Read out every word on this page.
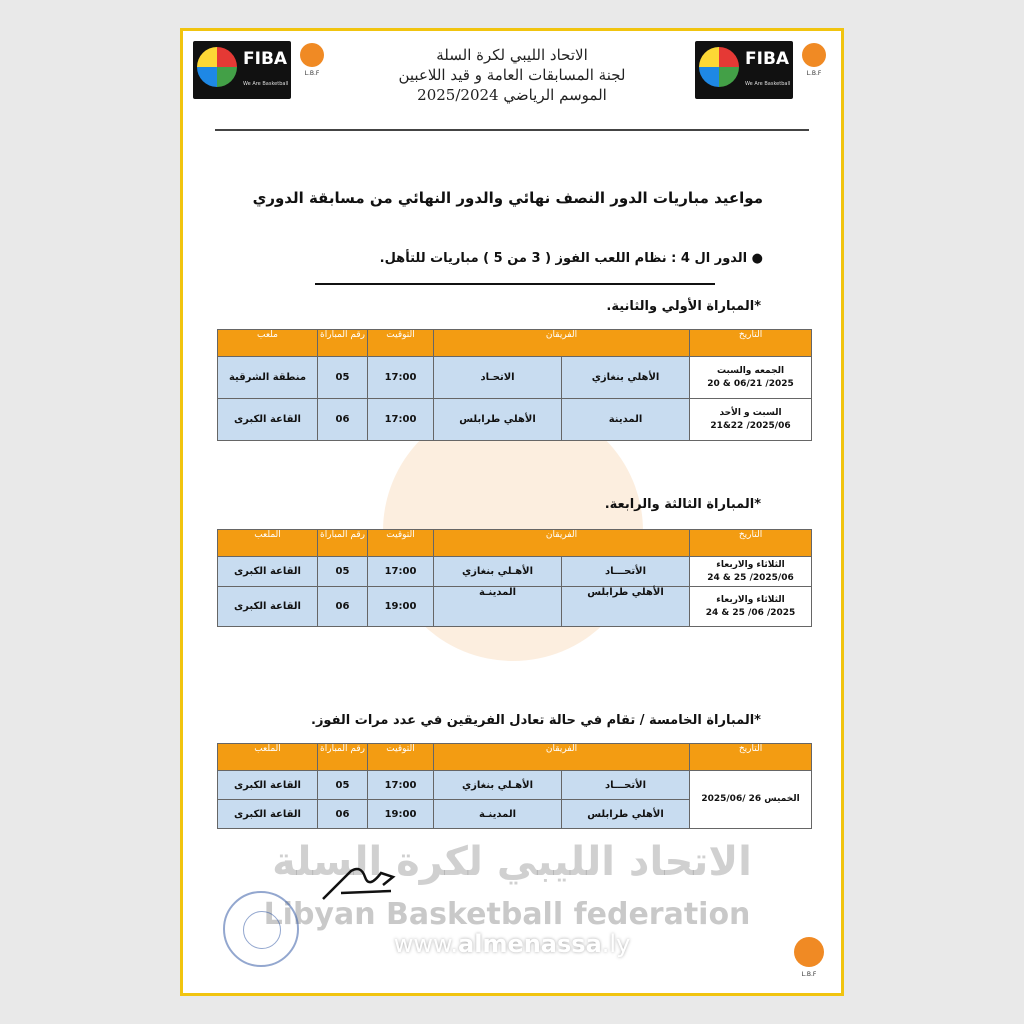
FIBA
We Are Basketball
L.B.F
FIBA
We Are Basketball
L.B.F
الاتحاد الليبي لكرة السلة
لجنة المسابقات العامة و قيد اللاعبين
الموسم الرياضي 2025/2024
مواعيد مباريات الدور النصف نهائي والدور النهائي من مسابقة الدوري
● الدور ال 4 : نظام اللعب الفوز ( 3 من 5 ) مباريات للتأهل.
*المباراة الأولي والثانية.
التاريخ	الفريقان		التوقيت	رقم المباراة	ملعب

الجمعه والسبت
2025/ 06/21 & 20	الأهلي بنغازي	الاتحـاد	17:00	05	منطقة الشرقية

السبت و الأحد
2025/06/ 22&21	المدينة	الأهلي طرابلس	17:00	06	القاعة الكبرى
*المباراة الثالثة والرابعة.
التاريخ	الفريقان		التوقيت	رقم المباراة	الملعب

الثلاثاء والاربعاء
2025/06/ 25 & 24	الأتحـــاد	الأهـلي بنغازي	17:00	05	القاعة الكبرى

الثلاثاء والاربعاء
2025/ 06/ 25 & 24	الأهلي طرابلس	المدينـة	19:00	06	القاعة الكبرى
*المباراة الخامسة / تقام في حالة تعادل الفريقين في عدد مرات الفوز.
التاريخ	الفريقان		التوقيت	رقم المباراة	الملعب
الخميس 26 /2025/06	الأتحـــاد	الأهـلي بنغازي	17:00	05	القاعة الكبرى
	الأهلي طرابلس	المدينـة	19:00	06	القاعة الكبرى
الاتحاد الليبي لكرة السلة
Libyan Basketball federation
L.B.F
www.almenassa.ly
